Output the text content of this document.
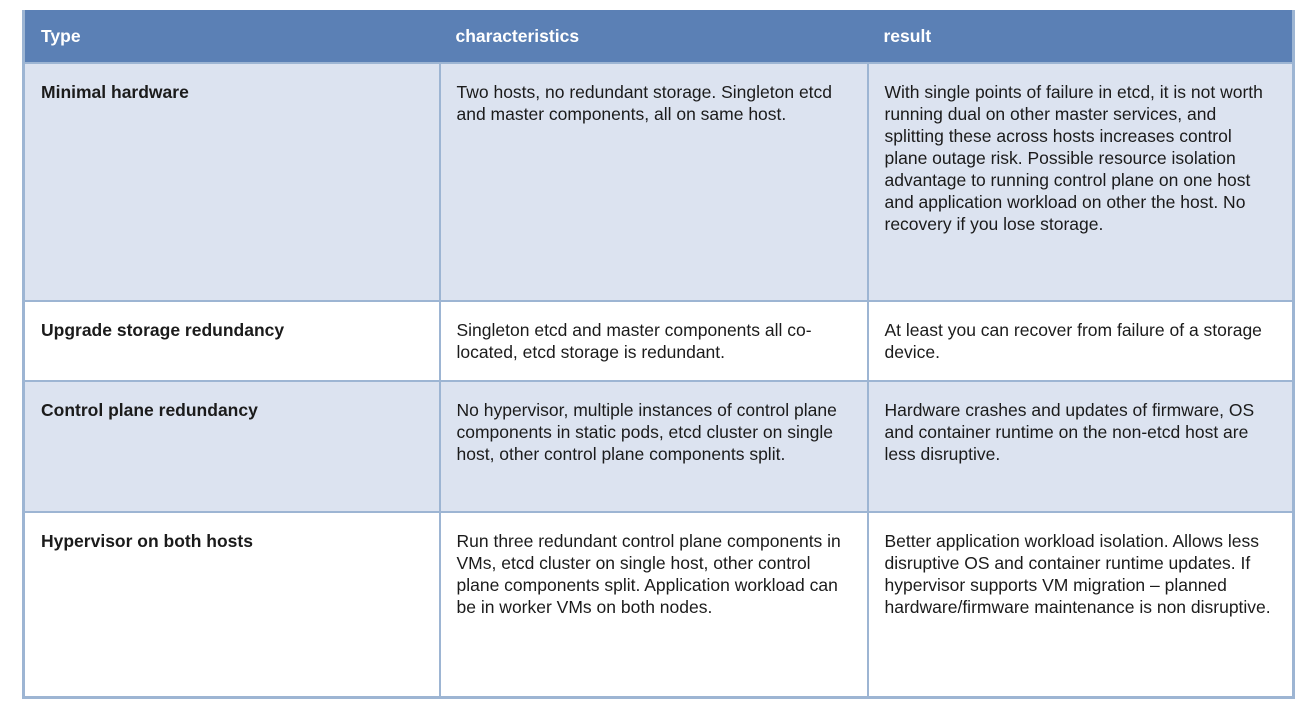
Type	characteristics	result
Minimal hardware	Two hosts, no redundant storage. Singleton etcd and master components, all on same host.	With single points of failure in etcd, it is not worth running dual on other master services, and splitting these across hosts increases control plane outage risk. Possible resource isolation advantage to running control plane on one host and application workload on other the host. No recovery if you lose storage.
Upgrade storage redundancy	Singleton etcd and master components all co-located, etcd storage is redundant.	At least you can recover from failure of a storage device.
Control plane redundancy	No hypervisor, multiple instances of control plane components in static pods, etcd cluster on single host, other control plane components split.	Hardware crashes and updates of firmware, OS and container runtime on the non-etcd host are less disruptive.
Hypervisor on both hosts	Run three redundant control plane components in VMs, etcd cluster on single host, other control plane components split. Application workload can be in worker VMs on both nodes.	Better application workload isolation. Allows less disruptive OS and container runtime updates. If hypervisor supports VM migration – planned hardware/firmware maintenance is non disruptive.
